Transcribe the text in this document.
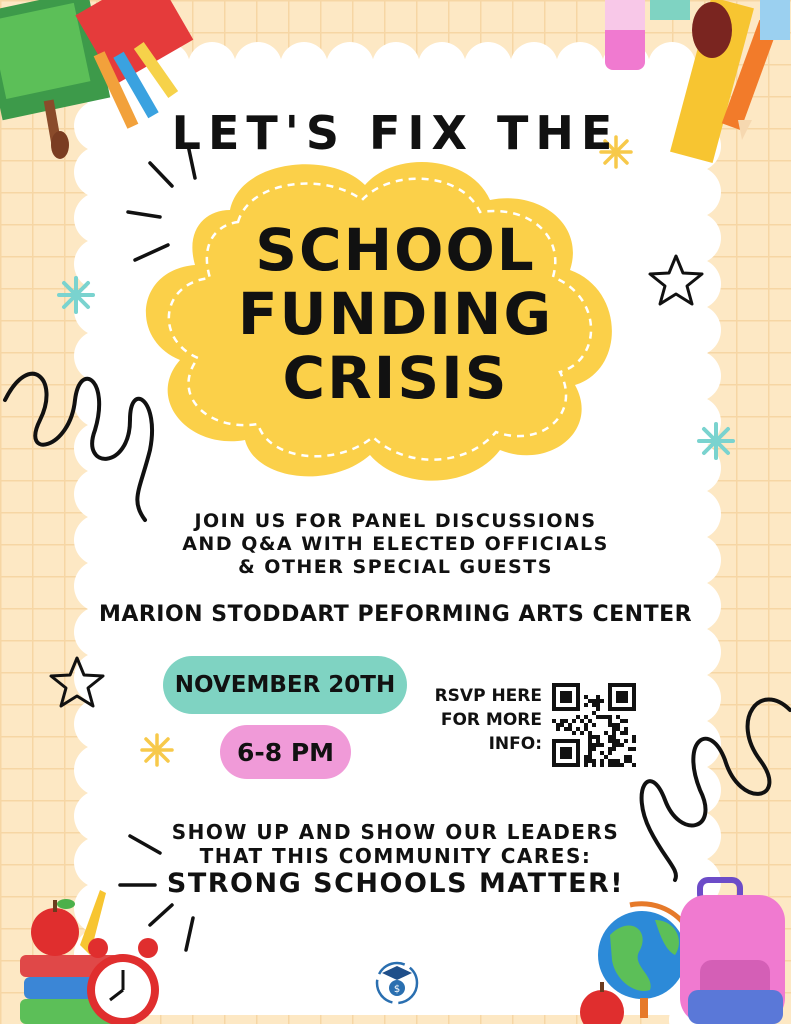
LET'S FIX THE
SCHOOL
FUNDING
CRISIS
JOIN US FOR PANEL DISCUSSIONS
AND Q&A WITH ELECTED OFFICIALS
& OTHER SPECIAL GUESTS
MARION STODDART PEFORMING ARTS CENTER
NOVEMBER 20TH
6-8 PM
RSVP HERE
FOR MORE
INFO:
SHOW UP AND SHOW OUR LEADERS
THAT THIS COMMUNITY CARES:
STRONG SCHOOLS MATTER!
$
